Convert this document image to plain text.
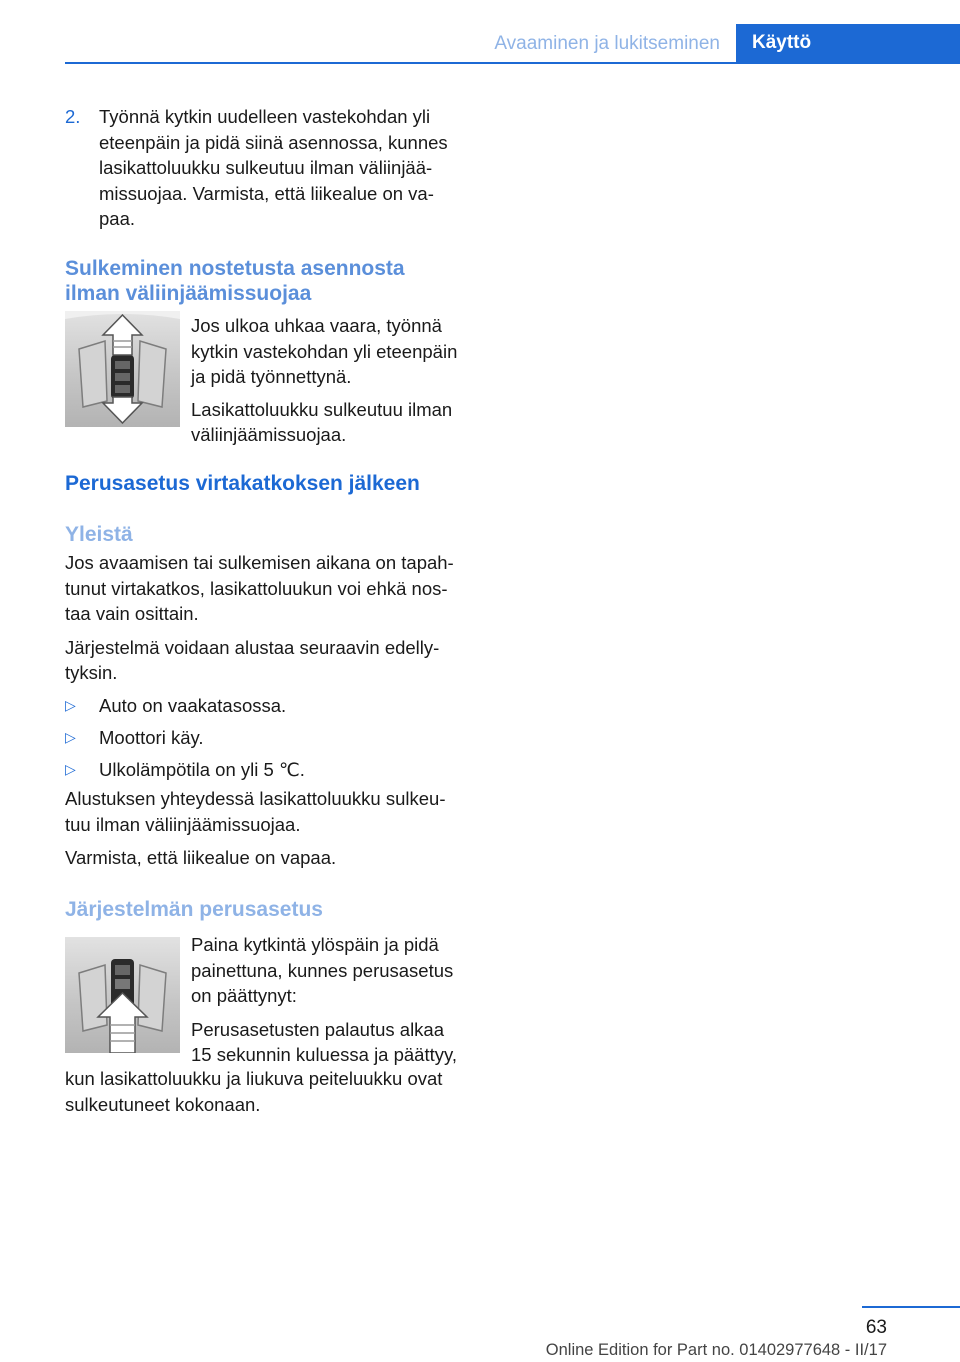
Avaaminen ja lukitseminen	Käyttö

2. Työnnä kytkin uudelleen vastekohdan yli

eteenpäin ja pidä siinä asennossa, kunnes

lasikattoluukku sulkeutuu ilman väliinjää‐

missuojaa. Varmista, että liikealue on va‐

paa.

Sulkeminen nostetusta asennosta
ilman väliinjäämissuojaa

Jos ulkoa uhkaa vaara, työnnä

kytkin vastekohdan yli eteenpäin

ja pidä työnnettynä.

Lasikattoluukku sulkeutuu ilman

väliinjäämissuojaa.

Perusasetus virtakatkoksen jälkeen
Yleistä

Jos avaamisen tai sulkemisen aikana on tapah‐

tunut virtakatkos, lasikattoluukun voi ehkä nos‐

taa vain osittain.

Järjestelmä voidaan alustaa seuraavin edelly‐

tyksin.

▷ Auto on vaakatasossa.

▷ Moottori käy.

▷ Ulkolämpötila on yli 5 ℃.

Alustuksen yhteydessä lasikattoluukku sulkeu‐

tuu ilman väliinjäämissuojaa.

Varmista, että liikealue on vapaa.

Järjestelmän perusasetus

Paina kytkintä ylöspäin ja pidä

painettuna, kunnes perusasetus

on päättynyt:

Perusasetusten palautus alkaa

15 sekunnin kuluessa ja päättyy,

kun lasikattoluukku ja liukuva peiteluukku ovat

sulkeutuneet kokonaan.

63
Online Edition for Part no. 01402977648 - II/17
